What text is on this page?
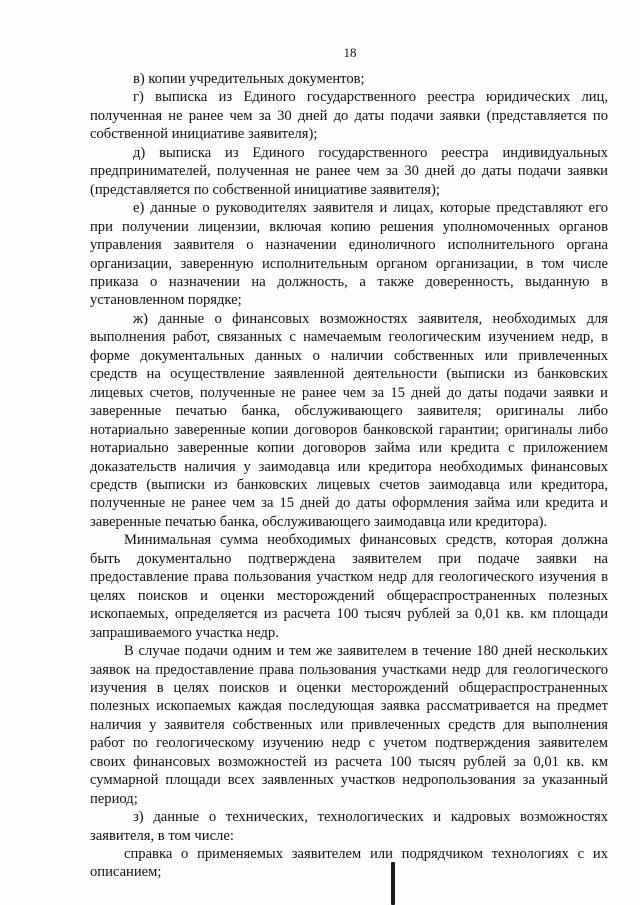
18

в) копии учредительных документов;

г) выписка из Единого государственного реестра юридических лиц, полученная не ранее чем за 30 дней до даты подачи заявки (представляется по собственной инициативе заявителя);

д) выписка из Единого государственного реестра индивидуальных предпринимателей, полученная не ранее чем за 30 дней до даты подачи заявки (представляется по собственной инициативе заявителя);

е) данные о руководителях заявителя и лицах, которые представляют его при получении лицензии, включая копию решения уполномоченных органов управления заявителя о назначении единоличного исполнительного органа организации, заверенную исполнительным органом организации, в том числе приказа о назначении на должность, а также доверенность, выданную в установленном порядке;

ж) данные о финансовых возможностях заявителя, необходимых для выполнения работ, связанных с намечаемым геологическим изучением недр, в форме документальных данных о наличии собственных или привлеченных средств на осуществление заявленной деятельности (выписки из банковских лицевых счетов, полученные не ранее чем за 15 дней до даты подачи заявки и заверенные печатью банка, обслуживающего заявителя; оригиналы либо нотариально заверенные копии договоров банковской гарантии; оригиналы либо нотариально заверенные копии договоров займа или кредита с приложением доказательств наличия у заимодавца или кредитора необходимых финансовых средств (выписки из банковских лицевых счетов заимодавца или кредитора, полученные не ранее чем за 15 дней до даты оформления займа или кредита и заверенные печатью банка, обслуживающего заимодавца или кредитора).

Минимальная сумма необходимых финансовых средств, которая должна быть документально подтверждена заявителем при подаче заявки на предоставление права пользования участком недр для геологического изучения в целях поисков и оценки месторождений общераспространенных полезных ископаемых, определяется из расчета 100 тысяч рублей за 0,01 кв. км площади запрашиваемого участка недр.

В случае подачи одним и тем же заявителем в течение 180 дней нескольких заявок на предоставление права пользования участками недр для геологического изучения в целях поисков и оценки месторождений общераспространенных полезных ископаемых каждая последующая заявка рассматривается на предмет наличия у заявителя собственных или привлеченных средств для выполнения работ по геологическому изучению недр с учетом подтверждения заявителем своих финансовых возможностей из расчета 100 тысяч рублей за 0,01 кв. км суммарной площади всех заявленных участков недропользования за указанный период;

з) данные о технических, технологических и кадровых возможностях заявителя, в том числе:

справка о применяемых заявителем или подрядчиком технологиях с их описанием;
